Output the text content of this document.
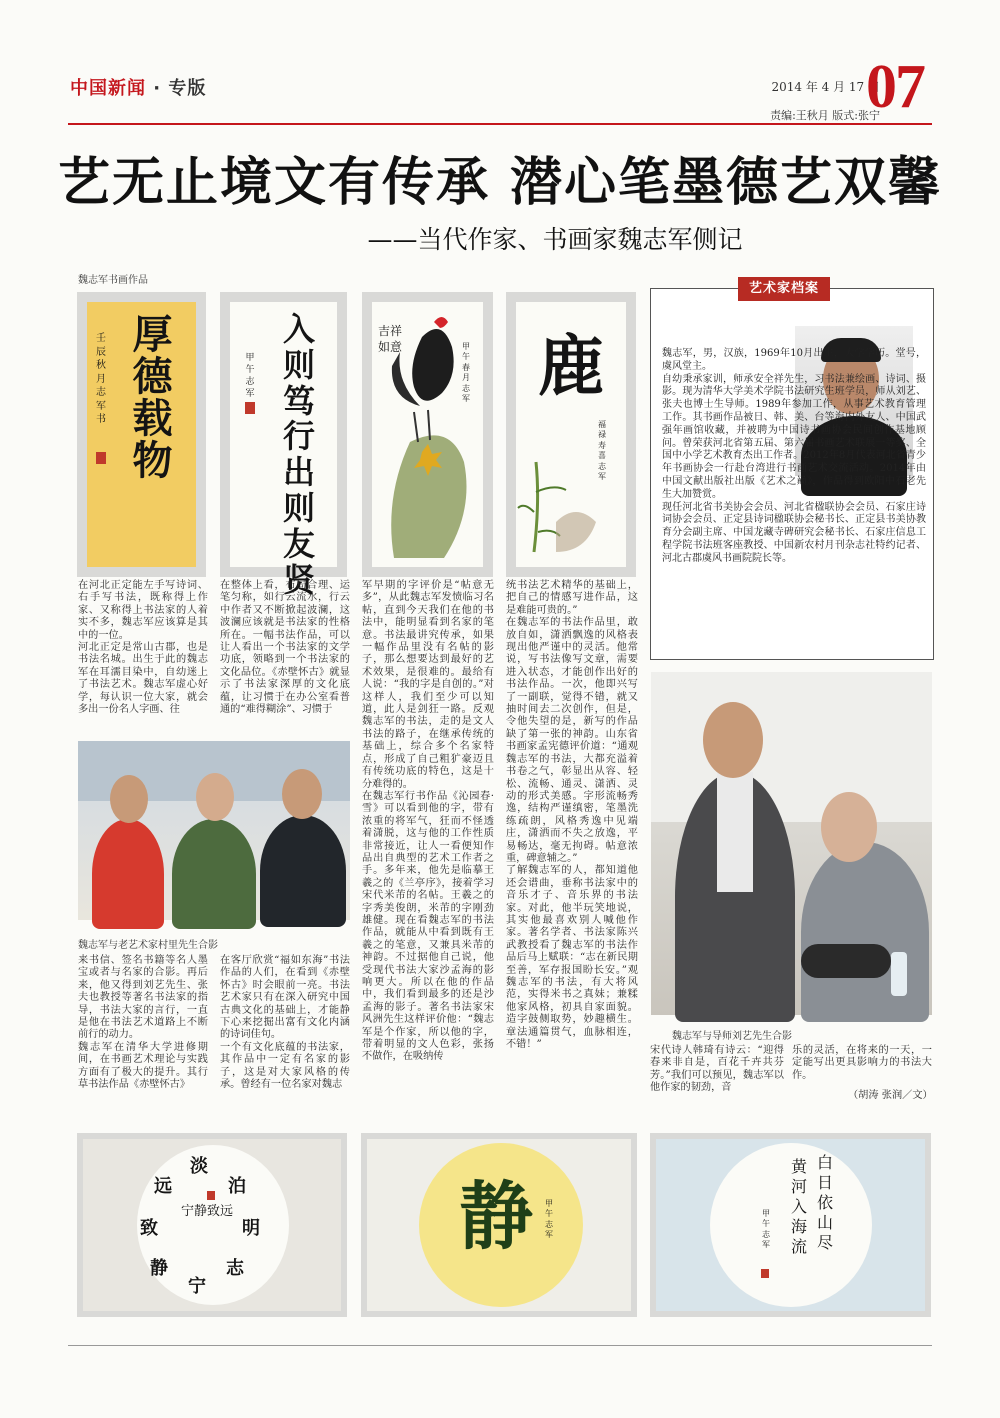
中国新闻 · 专版	2014 年 4 月 17 日
责编:王秋月 版式:张宁
07
艺无止境文有传承 潜心笔墨德艺双馨
——当代作家、书画家魏志军侧记
魏志军书画作品
厚德载物
壬辰秋月志军书
入则笃行出则友贤
甲午志军
吉祥如意	甲午春月志军 鹿
福禄寿喜志军
艺术家档案
魏志军，男，汉族，1969年10月出生，大学学历。堂号，虞风堂主。
自幼秉承家训，师承安全祥先生，习书法兼绘画、诗词、摄影。现为清华大学美术学院书法研究生班学员，师从刘艺、张夫也博士生导师。1989年参加工作，从事艺术教育管理工作。其书画作品被日、韩、美、台等海内外友人、中国武强年画馆收藏，并被聘为中国诗书画协会民间创作基地顾问。曾荣获河北省第五届、第六届书画艺术联展一等奖、全国中小学艺术教育杰出工作者。2012年8月代表河北省青少年书画协会一行赴台湾进行书画艺术交流活动。2014年由中国文献出版社出版《艺术之巅》，作品得到欧阳中石老先生大加赞赏。
现任河北省书美协会会员、河北省楹联协会会员、石家庄诗词协会会员、正定县诗词楹联协会秘书长、正定县书美协教育分会副主席、中国龙藏寺碑研究会秘书长、石家庄信息工程学院书法班客座教授、中国新农村月刊杂志社特约记者、河北古郡虞风书画院院长等。
在河北正定能左手写诗词、右手写书法，既称得上作家、又称得上书法家的人着实不多，魏志军应该算是其中的一位。
河北正定是常山古郡，也是书法名城。出生于此的魏志军在耳濡目染中，自幼迷上了书法艺术。魏志军虚心好学，每认识一位大家，就会多出一份名人字画、往
在整体上看，布局合理、运笔匀称，如行云流水，行云中作者又不断掀起波澜，这波澜应该就是书法家的性格所在。一幅书法作品，可以让人看出一个书法家的文学功底，领略到一个书法家的文化品位。《赤壁怀古》就显示了书法家深厚的文化底蕴，让习惯于在办公室看普通的“难得糊涂”、习惯于
军早期的字评价是“帖意无多”，从此魏志军发愤临习名帖，直到今天我们在他的书法中，能明显看到名家的笔意。书法最讲究传承，如果一幅作品里没有名帖的影子，那么想要达到最好的艺术效果，是很难的。最给有人说：“我的字是自创的。”对这样人，我们至少可以知道，此人是剑狂一路。反观魏志军的书法，走的是文人书法的路子，在继承传统的基础上，综合多个名家特点，形成了自己粗犷豪迈且有传统功底的特色，这是十分难得的。
在魏志军行书作品《沁园春·雪》可以看到他的字，带有浓重的将军气，狂而不怪透着潇脱，这与他的工作性质非常接近，让人一看便知作品出自典型的艺术工作者之手。多年来，他先是临摹王羲之的《兰亭序》，接着学习宋代米芾的名帖。王羲之的字秀美俊朗，米芾的字刚劲雄健。现在看魏志军的书法作品，就能从中看到既有王羲之的笔意，又兼具米芾的神韵。不过据他自己说，他受现代书法大家沙孟海的影响更大。所以在他的作品中，我们看到最多的还是沙孟海的影子。著名书法家宋风洲先生这样评价他：“魏志军是个作家，所以他的字，带着明显的文人色彩，张扬不做作，在吸纳传
统书法艺术精华的基础上，把自己的情感写进作品，这是难能可贵的。”
在魏志军的书法作品里，敢放自如，潇洒飘逸的风格表现出他严谨中的灵活。他常说，写书法像写文章，需要进入状态，才能创作出好的书法作品。一次，他即兴写了一副联，觉得不错，就又抽时间去二次创作，但是，令他失望的是，新写的作品缺了第一张的神韵。山东省书画家孟宪德评价道：“通观魏志军的书法，大都充溢着书卷之气，彰显出从容、轻松、流畅、通灵、潇洒、灵动的形式美感。字形流畅秀逸，结构严谨缜密，笔墨洗练疏朗，风格秀逸中见端庄，潇洒而不失之放逸，平易畅达，毫无拘碍。帖意浓重，碑意辅之。”
了解魏志军的人，都知道他还会谱曲，垂称书法家中的音乐才子、音乐界的书法家。对此，他半玩笑地说，其实他最喜欢别人喊他作家。著名学者、书法家陈兴武教授看了魏志军的书法作品后马上赋联：“志在新民期至善，军存报国盼长安。”观魏志军的书法，有大将风范，实得米书之真妹；兼糅他家风格，初具自家面貌。造字鼓侧取势，妙趣横生。章法通篇贯气，血脉相连，不错！”
魏志军与老艺术家村里先生合影
来书信、签名书籍等名人墨宝或者与名家的合影。再后来，他又得到刘艺先生、张夫也教授等著名书法家的指导，书法大家的言行，一直是他在书法艺术道路上不断前行的动力。
魏志军在清华大学进修期间，在书画艺术理论与实践方面有了极大的提升。其行草书法作品《赤壁怀古》
在客厅欣赏“福如东海”书法作品的人们，在看到《赤壁怀古》时会眼前一亮。书法艺术家只有在深入研究中国古典文化的基础上，才能静下心来挖掘出富有文化内涵的诗词佳句。
一个有文化底蕴的书法家，其作品中一定有名家的影子，这是对大家风格的传承。曾经有一位名家对魏志
魏志军与导师刘艺先生合影
宋代诗人韩琦有诗云：“迎得春来非自是，百花千卉共芬芳。”我们可以预见，魏志军以他作家的韧劲，音
乐的灵活，在将来的一天，一定能写出更具影响力的书法大作。
（胡涛 张润／文）
淡
泊
明
志
宁
静
致
远
宁静致远	静	甲午志军
白
日
依
山
尽
黄
河
入
海
流
甲午志军
